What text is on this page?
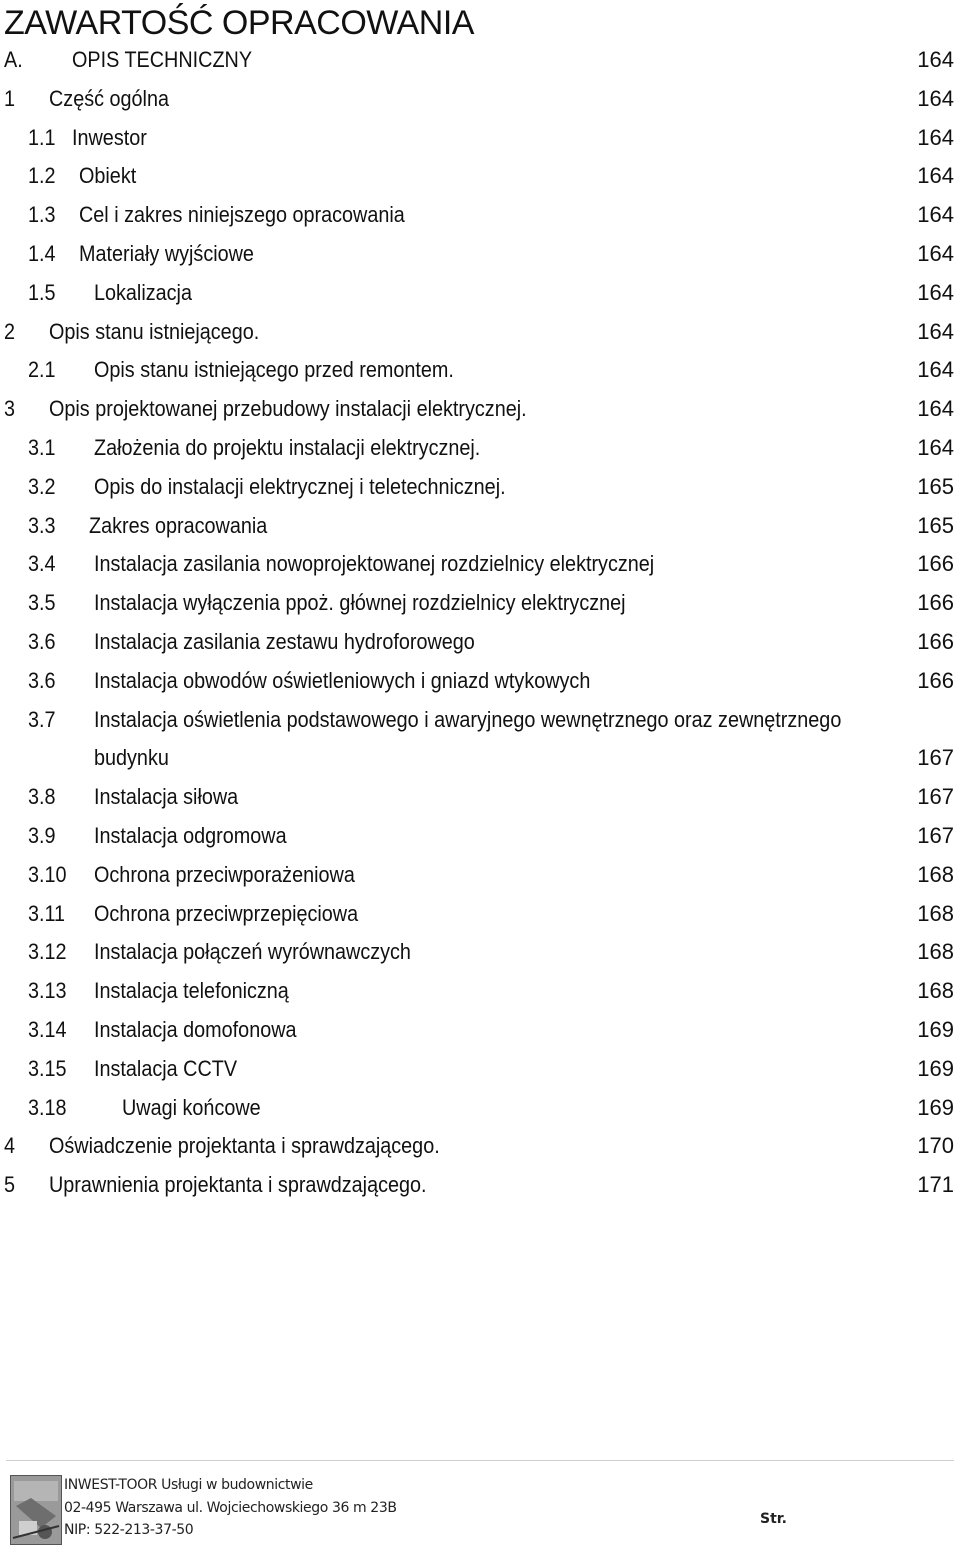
ZAWARTOŚĆ OPRACOWANIA
A. OPIS TECHNICZNY	164
1 Część ogólna	164
1.1 Inwestor	164
1.2 Obiekt	164
1.3 Cel i zakres niniejszego opracowania	164
1.4 Materiały wyjściowe	164
1.5 Lokalizacja	164
2 Opis stanu istniejącego.	164
2.1 Opis stanu istniejącego przed remontem.	164
3 Opis projektowanej przebudowy instalacji elektrycznej.	164
3.1 Założenia do projektu instalacji elektrycznej.	164
3.2 Opis do instalacji elektrycznej i teletechnicznej.	165
3.3 Zakres opracowania	165
3.4 Instalacja zasilania nowoprojektowanej rozdzielnicy elektrycznej	166
3.5 Instalacja wyłączenia ppoż. głównej rozdzielnicy elektrycznej	166
3.6 Instalacja zasilania zestawu hydroforowego	166
3.6 Instalacja obwodów oświetleniowych i gniazd wtykowych	166
3.7 Instalacja oświetlenia podstawowego i awaryjnego wewnętrznego oraz zewnętrznego
budynku	167
3.8 Instalacja siłowa	167
3.9 Instalacja odgromowa	167
3.10 Ochrona przeciwporażeniowa	168
3.11 Ochrona przeciwprzepięciowa	168
3.12 Instalacja połączeń wyrównawczych	168
3.13 Instalacja telefoniczną	168
3.14 Instalacja domofonowa	169
3.15 Instalacja CCTV	169
3.18	Uwagi końcowe	169
4 Oświadczenie projektanta i sprawdzającego.	170
5 Uprawnienia projektanta i sprawdzającego.	171
INWEST-TOOR Usługi w budownictwie
02-495 Warszawa ul. Wojciechowskiego 36 m 23B
NIP: 522-213-37-50
Str.
